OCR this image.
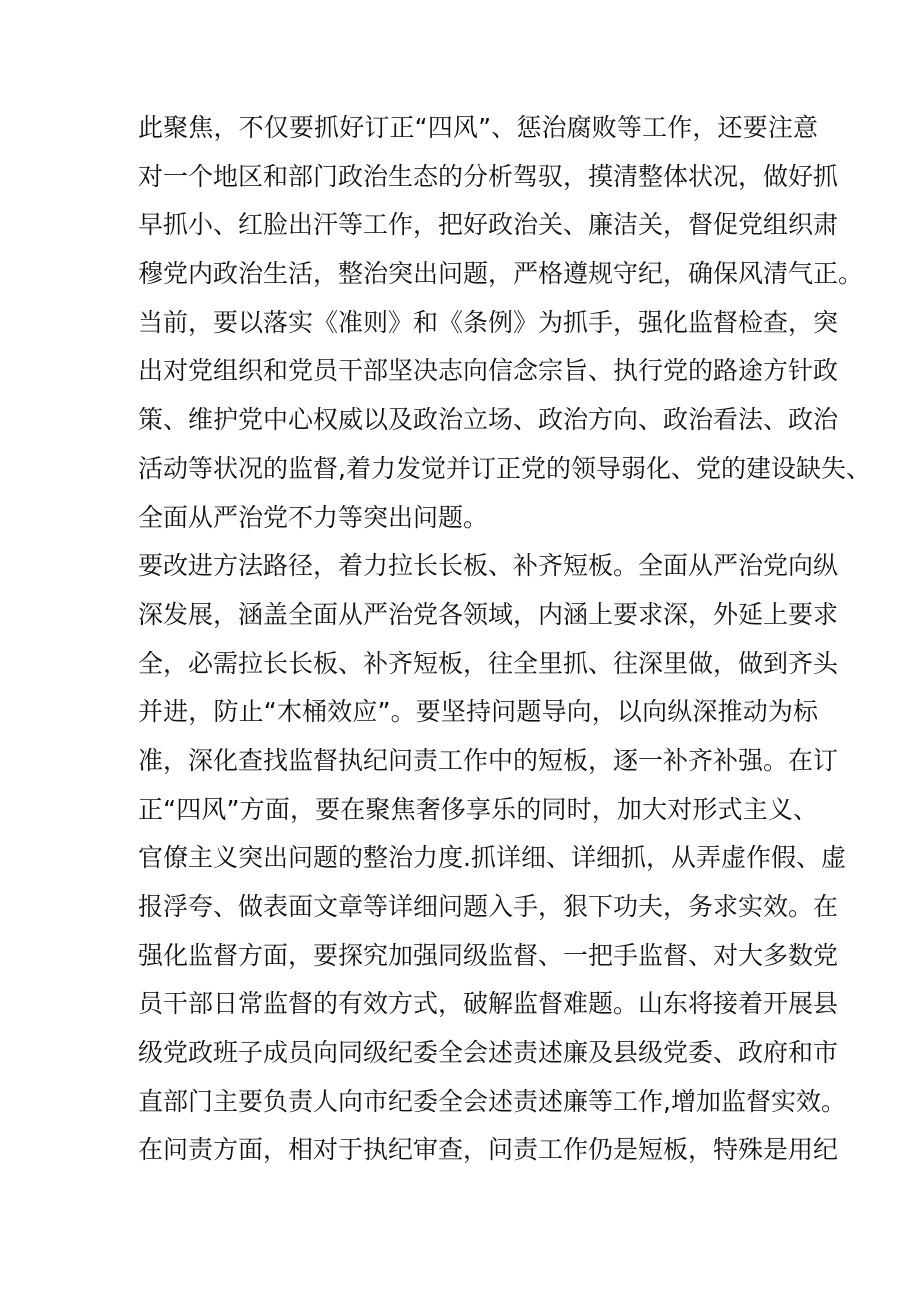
此聚焦，不仅要抓好订正“四风”、惩治腐败等工作，还要注意
对一个地区和部门政治生态的分析驾驭，摸清整体状况，做好抓
早抓小、红脸出汗等工作，把好政治关、廉洁关，督促党组织肃
穆党内政治生活，整治突出问题，严格遵规守纪，确保风清气正。
当前，要以落实《准则》和《条例》为抓手，强化监督检查，突
出对党组织和党员干部坚决志向信念宗旨、执行党的路途方针政
策、维护党中心权威以及政治立场、政治方向、政治看法、政治
活动等状况的监督,着力发觉并订正党的领导弱化、党的建设缺失、
全面从严治党不力等突出问题。
要改进方法路径，着力拉长长板、补齐短板。全面从严治党向纵
深发展，涵盖全面从严治党各领域，内涵上要求深，外延上要求
全，必需拉长长板、补齐短板，往全里抓、往深里做，做到齐头
并进，防止“木桶效应”。要坚持问题导向，以向纵深推动为标
准，深化查找监督执纪问责工作中的短板，逐一补齐补强。在订
正“四风”方面，要在聚焦奢侈享乐的同时，加大对形式主义、
官僚主义突出问题的整治力度.抓详细、详细抓，从弄虚作假、虚
报浮夸、做表面文章等详细问题入手，狠下功夫，务求实效。在
强化监督方面，要探究加强同级监督、一把手监督、对大多数党
员干部日常监督的有效方式，破解监督难题。山东将接着开展县
级党政班子成员向同级纪委全会述责述廉及县级党委、政府和市
直部门主要负责人向市纪委全会述责述廉等工作,增加监督实效。
在问责方面，相对于执纪审查，问责工作仍是短板，特殊是用纪
